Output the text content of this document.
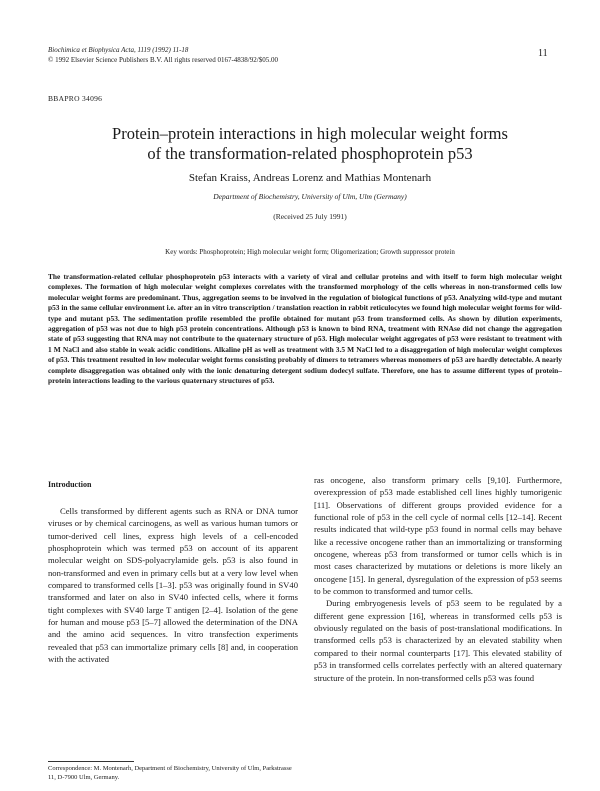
Biochimica et Biophysica Acta, 1119 (1992) 11-18
© 1992 Elsevier Science Publishers B.V. All rights reserved 0167-4838/92/$05.00
11
BBAPRO 34096
Protein–protein interactions in high molecular weight forms
of the transformation-related phosphoprotein p53
Stefan Kraiss, Andreas Lorenz and Mathias Montenarh
Department of Biochemistry, University of Ulm, Ulm (Germany)
(Received 25 July 1991)
Key words: Phosphoprotein; High molecular weight form; Oligomerization; Growth suppressor protein
The transformation-related cellular phosphoprotein p53 interacts with a variety of viral and cellular proteins and with itself to form high molecular weight complexes. The formation of high molecular weight complexes correlates with the transformed morphology of the cells whereas in non-transformed cells low molecular weight forms are predominant. Thus, aggregation seems to be involved in the regulation of biological functions of p53. Analyzing wild-type and mutant p53 in the same cellular environment i.e. after an in vitro transcription / translation reaction in rabbit reticulocytes we found high molecular weight forms for wild-type and mutant p53. The sedimentation profile resembled the profile obtained for mutant p53 from transformed cells. As shown by dilution experiments, aggregation of p53 was not due to high p53 protein concentrations. Although p53 is known to bind RNA, treatment with RNAse did not change the aggregation state of p53 suggesting that RNA may not contribute to the quaternary structure of p53. High molecular weight aggregates of p53 were resistant to treatment with 1 M NaCl and also stable in weak acidic conditions. Alkaline pH as well as treatment with 3.5 M NaCl led to a disaggregation of high molecular weight complexes of p53. This treatment resulted in low molecular weight forms consisting probably of dimers to tetramers whereas monomers of p53 are hardly detectable. A nearly complete disaggregation was obtained only with the ionic denaturing detergent sodium dodecyl sulfate. Therefore, one has to assume different types of protein–protein interactions leading to the various quaternary structures of p53.
Introduction

Cells transformed by different agents such as RNA or DNA tumor viruses or by chemical carcinogens, as well as various human tumors or tumor-derived cell lines, express high levels of a cell-encoded phosphoprotein which was termed p53 on account of its apparent molecular weight on SDS-polyacrylamide gels. p53 is also found in non-transformed and even in primary cells but at a very low level when compared to transformed cells [1–3]. p53 was originally found in SV40 transformed and later on also in SV40 infected cells, where it forms tight complexes with SV40 large T antigen [2–4]. Isolation of the gene for human and mouse p53 [5–7] allowed the determination of the DNA and the amino acid sequences. In vitro transfection experiments revealed that p53 can immortalize primary cells [8] and, in cooperation with the activated

ras oncogene, also transform primary cells [9,10]. Furthermore, overexpression of p53 made established cell lines highly tumorigenic [11]. Observations of different groups provided evidence for a functional role of p53 in the cell cycle of normal cells [12–14]. Recent results indicated that wild-type p53 found in normal cells may behave like a recessive oncogene rather than an immortalizing or transforming oncogene, whereas p53 from transformed or tumor cells which is in most cases characterized by mutations or deletions is more likely an oncogene [15]. In general, dysregulation of the expression of p53 seems to be common to transformed and tumor cells.

During embryogenesis levels of p53 seem to be regulated by a different gene expression [16], whereas in transformed cells p53 is obviously regulated on the basis of post-translational modifications. In transformed cells p53 is characterized by an elevated stability when compared to their normal counterparts [17]. This elevated stability of p53 in transformed cells correlates perfectly with an altered quaternary structure of the protein. In non-transformed cells p53 was found

Correspondence: M. Montenarh, Department of Biochemistry, University of Ulm, Parkstrasse 11, D-7900 Ulm, Germany.
